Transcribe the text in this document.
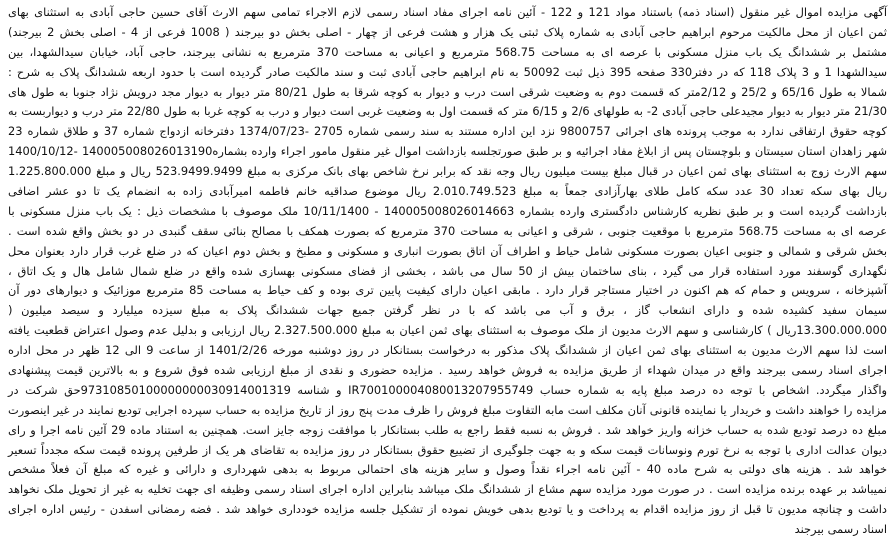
آگهی مزایده اموال غیر منقول (اسناد ذمه) باستناد مواد 121 و 122 - آئین نامه اجرای مفاد اسناد رسمی لازم الاجراء تمامی سهم الارث آقای حسین حاجی آبادی به استثنای بهای
ثمن اعیان از محل مالکیت مرحوم ابراهیم حاجی آبادی به شماره پلاک ثبتی یک هزار و هشت فرعی از چهار - اصلی بخش دو بیرجند ( 1008 فرعی از 4 - اصلی بخش 2 بیرجند)
مشتمل بر ششدانگ یک باب منزل مسکونی با عرصه ای به مساحت 568.75 مترمربع و اعیانی به مساحت 370 مترمربع به نشانی بیرجند، حاجی آباد، خیابان سیدالشهدا، بین
سیدالشهدا 1 و 3 پلاک 118 که در دفتر330 صفحه 395 ذیل ثبت 50092 به نام ابراهیم حاجی آبادی ثبت و سند مالکیت صادر گردیده است با حدود اربعه ششدانگ پلاک به شرح :
شمالا به طول 65/16 و 25/2 و 2/12متر که قسمت دوم به وضعیت شرقی است درب و دیوار به کوچه شرقا به طول 80/21 متر دیوار به دیوار مجد درویش نژاد جنوبا به طول های
21/30 متر دیوار به دیوار مجیدعلی حاجی آبادی 2- به طولهای 2/6 و 6/15 متر که قسمت اول به وضعیت غربی است دیوار و درب به کوچه غربا به طول 22/80 متر درب و دیواربست به
کوچه حقوق ارتفاقی ندارد به موجب پرونده های اجرائی 9800757 نزد این اداره مستند به سند رسمی شماره 2705 -1374/07/23 دفترخانه ازدواج شماره 37 و طلاق شماره 23
شهر زاهدان استان سیستان و بلوچستان پس از ابلاغ مفاد اجرائیه و بر طبق صورتجلسه بازداشت اموال غیر منقول مامور اجراء وارده بشماره140005008026013190 -1400/10/12
سهم الارث زوج به استثنای بهای ثمن اعیان در قبال مبلغ بیست میلیون ریال وجه نقد که برابر نرخ شاخص بهای بانک مرکزی به مبلغ 523.9499.9499 ریال و مبلغ 1.225.800.000
ریال بهای سکه تعداد 30 عدد سکه کامل طلای بهارآزادی جمعاً به مبلغ 2.010.749.523 ریال موضوع صداقیه خانم فاطمه امیرآبادی زاده به انضمام یک تا دو عشر اضافی
بازداشت گردیده است و بر طبق نظریه کارشناس دادگستری وارده بشماره 140005008026014663 - 10/11/1400 ملک موصوف با مشخصات ذیل : یک باب منزل مسکونی با
عرصه ای به مساحت 568.75 مترمربع با موقعیت جنوبی ، شرقی و اعیانی به مساحت 370 مترمربع که بصورت همکف با مصالح بنائی سقف گنبدی در دو بخش واقع شده است .
بخش شرقی و شمالی و جنوبی اعیان بصورت مسکونی شامل حیاط و اطراف آن اتاق بصورت انباری و مسکونی و مطبخ و بخش دوم اعیان که در ضلع غرب قرار دارد بعنوان محل
نگهداری گوسفند مورد استفاده قرار می گیرد ، بنای ساختمان بیش از 50 سال می باشد ، بخشی از فضای مسکونی بهسازی شده واقع در ضلع شمال شامل هال و یک اتاق ،
آشپزخانه ، سرویس و حمام که هم اکنون در اختیار مستاجر قرار دارد . مابقی اعیان دارای کیفیت پایین تری بوده و کف حیاط به مساحت 85 مترمربع موزائیک و دیوارهای دور آن
سیمان سفید کشیده شده و دارای انشعاب گاز ، برق و آب می باشد که با در نظر گرفتن جمیع جهات ششدانگ پلاک به مبلغ سیزده میلیارد و سیصد میلیون (
13.300.000.000ریال ) کارشناسی و سهم الارث مدیون از ملک موصوف به استثنای بهای ثمن اعیان به مبلغ 2.327.500.000 ریال ارزیابی و بدلیل عدم وصول اعتراض قطعیت یافته
است لذا سهم الارث مدیون به استثنای بهای ثمن اعیان از ششدانگ پلاک مذکور به درخواست بستانکار در روز دوشنبه مورخه 1401/2/26 از ساعت 9 الی 12 ظهر در محل اداره
اجرای اسناد رسمی بیرجند واقع در میدان شهداء از طریق مزایده به فروش خواهد رسید . مزایده حضوری و نقدی از مبلغ ارزیابی شده فوق شروع و به بالاترین قیمت پیشنهادی
واگذار میگردد. اشخاص با توجه ده درصد مبلغ پایه به شماره حساب IR700100004080013207955749 و شناسه 97310850100000000030914001319حق شرکت در
مزایده را خواهند داشت و خریدار یا نماینده قانونی آنان مکلف است مابه التفاوت مبلغ فروش را ظرف مدت پنج روز از تاریخ مزایده به حساب سپرده اجرایی تودیع نمایند در غیر اینصورت
مبلغ ده درصد تودیع شده به حساب خزانه واریز خواهد شد . فروش به نسبه فقط راجع به طلب بستانکار با موافقت زوجه جایز است. همچنین به استناد ماده 29 آئین نامه اجرا و رای
دیوان عدالت اداری با توجه به نرخ تورم ونوسانات قیمت سکه و به جهت جلوگیری از تضییع حقوق بستانکار در روز مزایده به تقاضای هر یک از طرفین پرونده قیمت سکه مجدداً تسعیر
خواهد شد . هزینه های دولتی به شرح ماده 40 - آئین نامه اجراء نقداً وصول و سایر هزینه های احتمالی مربوط به بدهی شهرداری و دارائی و غیره که مبلغ آن فعلاً مشخص
نمیباشد بر عهده برنده مزایده است . در صورت مورد مزایده سهم مشاع از ششدانگ ملک میباشد بنابراین اداره اجرای اسناد رسمی وظیفه ای جهت تخلیه به غیر از تحویل ملک نخواهد
داشت و چنانچه مدیون تا قبل از روز مزایده اقدام به پرداخت و یا تودیع بدهی خویش نموده از تشکیل جلسه مزایده خودداری خواهد شد . فضه رمضانی اسفدن - رئیس اداره اجرای
اسناد رسمی بیرجند
